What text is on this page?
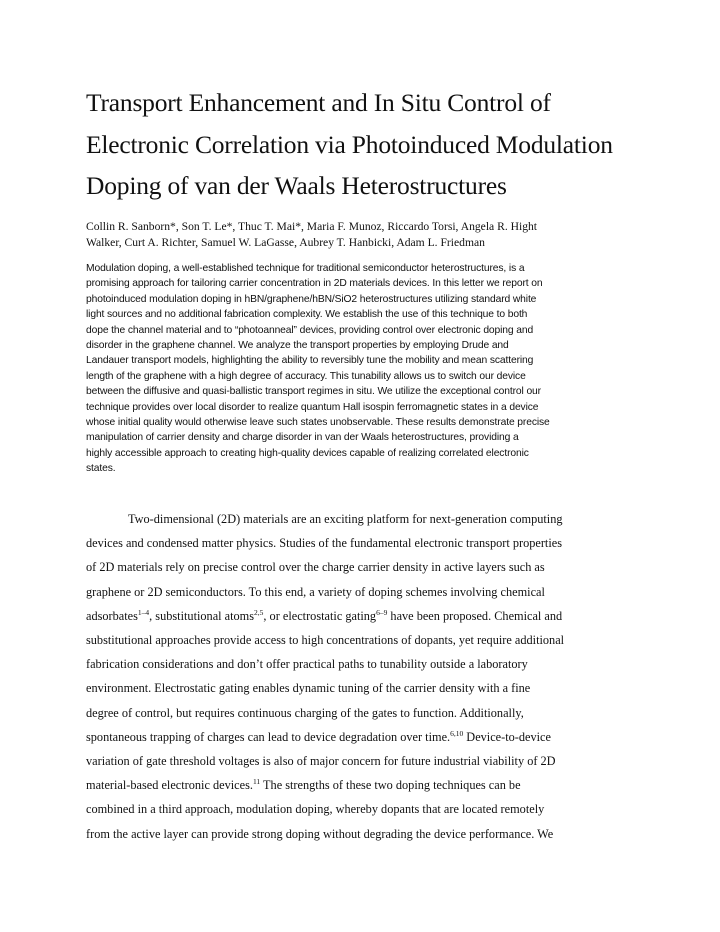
Transport Enhancement and In Situ Control of
Electronic Correlation via Photoinduced Modulation
Doping of van der Waals Heterostructures
Collin R. Sanborn*, Son T. Le*, Thuc T. Mai*, Maria F. Munoz, Riccardo Torsi, Angela R. Hight
Walker, Curt A. Richter, Samuel W. LaGasse, Aubrey T. Hanbicki, Adam L. Friedman
Modulation doping, a well-established technique for traditional semiconductor heterostructures, is a
promising approach for tailoring carrier concentration in 2D materials devices. In this letter we report on
photoinduced modulation doping in hBN/graphene/hBN/SiO2 heterostructures utilizing standard white
light sources and no additional fabrication complexity. We establish the use of this technique to both
dope the channel material and to “photoanneal” devices, providing control over electronic doping and
disorder in the graphene channel. We analyze the transport properties by employing Drude and
Landauer transport models, highlighting the ability to reversibly tune the mobility and mean scattering
length of the graphene with a high degree of accuracy. This tunability allows us to switch our device
between the diffusive and quasi-ballistic transport regimes in situ. We utilize the exceptional control our
technique provides over local disorder to realize quantum Hall isospin ferromagnetic states in a device
whose initial quality would otherwise leave such states unobservable. These results demonstrate precise
manipulation of carrier density and charge disorder in van der Waals heterostructures, providing a
highly accessible approach to creating high-quality devices capable of realizing correlated electronic
states.
Two-dimensional (2D) materials are an exciting platform for next-generation computing
devices and condensed matter physics. Studies of the fundamental electronic transport properties
of 2D materials rely on precise control over the charge carrier density in active layers such as
graphene or 2D semiconductors. To this end, a variety of doping schemes involving chemical
adsorbates$^{1-4}$, substitutional atoms$^{2,5}$, or electrostatic gating$^{6-9}$ have been proposed. Chemical and
substitutional approaches provide access to high concentrations of dopants, yet require additional
fabrication considerations and don’t offer practical paths to tunability outside a laboratory
environment. Electrostatic gating enables dynamic tuning of the carrier density with a fine
degree of control, but requires continuous charging of the gates to function. Additionally,
spontaneous trapping of charges can lead to device degradation over time.$^{6,10}$ Device-to-device
variation of gate threshold voltages is also of major concern for future industrial viability of 2D
material-based electronic devices.$^{11}$ The strengths of these two doping techniques can be
combined in a third approach, modulation doping, whereby dopants that are located remotely
from the active layer can provide strong doping without degrading the device performance. We
